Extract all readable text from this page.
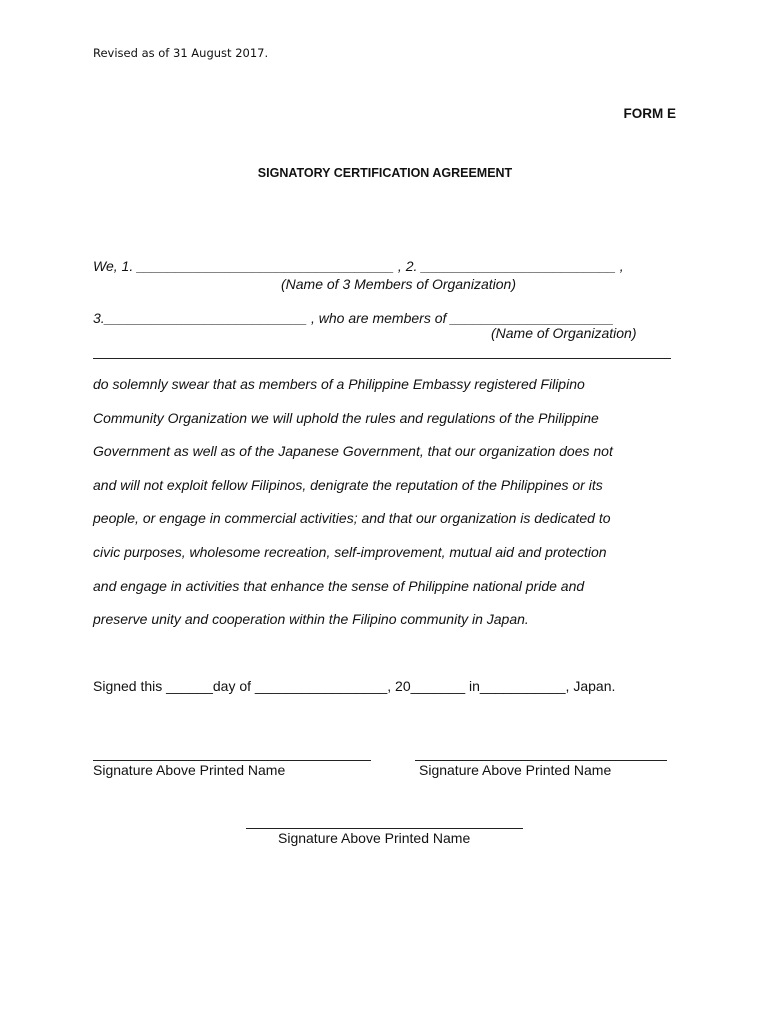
Revised as of 31 August 2017.
FORM E
SIGNATORY CERTIFICATION AGREEMENT
We, 1. _________________________________ , 2. _________________________ ,
(Name of 3 Members of Organization)
3.__________________________ , who are members of _____________________
(Name of Organization)
do solemnly swear that as members of a Philippine Embassy registered Filipino
Community Organization we will uphold the rules and regulations of the Philippine
Government as well as of the Japanese Government, that our organization does not
and will not exploit fellow Filipinos, denigrate the reputation of the Philippines or its
people, or engage in commercial activities; and that our organization is dedicated to
civic purposes, wholesome recreation, self-improvement, mutual aid and protection
and engage in activities that enhance the sense of Philippine national pride and
preserve unity and cooperation within the Filipino community in Japan.
Signed this ______day of _________________, 20_______ in___________, Japan.
Signature Above Printed Name	Signature Above Printed Name
Signature Above Printed Name
